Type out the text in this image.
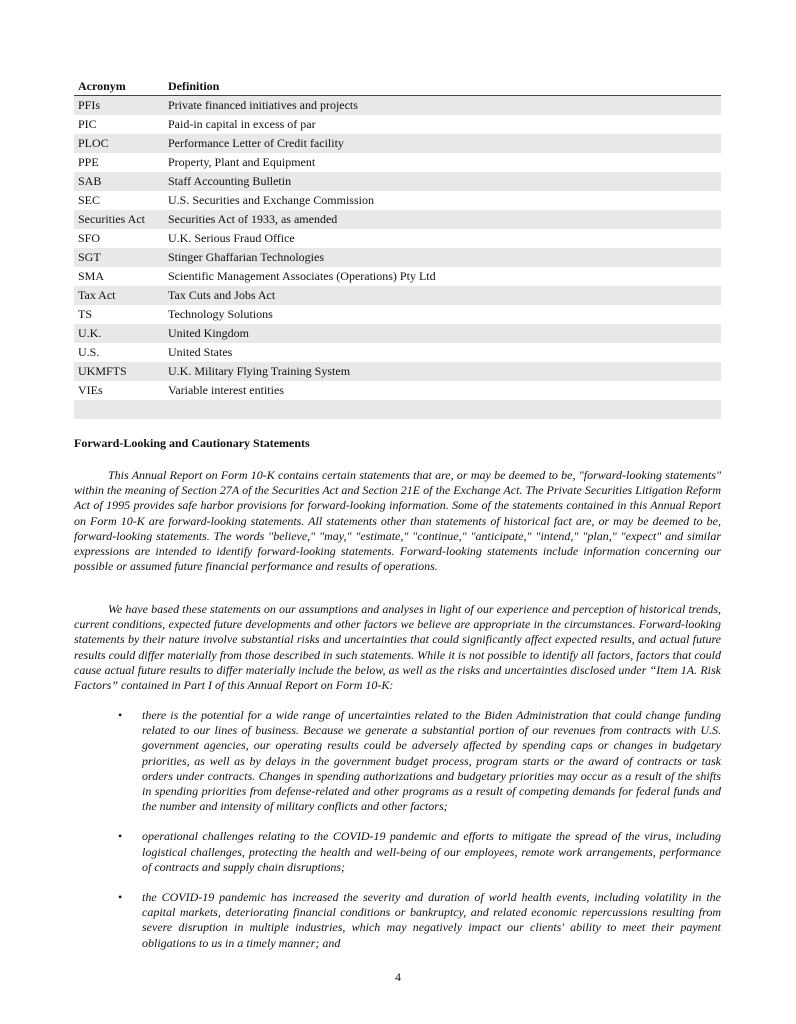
Acronym	Definition
PFIs	Private financed initiatives and projects
PIC	Paid-in capital in excess of par
PLOC	Performance Letter of Credit facility
PPE	Property, Plant and Equipment
SAB	Staff Accounting Bulletin
SEC	U.S. Securities and Exchange Commission
Securities Act	Securities Act of 1933, as amended
SFO	U.K. Serious Fraud Office
SGT	Stinger Ghaffarian Technologies
SMA	Scientific Management Associates (Operations) Pty Ltd
Tax Act	Tax Cuts and Jobs Act
TS	Technology Solutions
U.K.	United Kingdom
U.S.	United States
UKMFTS	U.K. Military Flying Training System
VIEs	Variable interest entities

Forward-Looking and Cautionary Statements

This Annual Report on Form 10-K contains certain statements that are, or may be deemed to be, "forward-looking statements" within the meaning of Section 27A of the Securities Act and Section 21E of the Exchange Act. The Private Securities Litigation Reform Act of 1995 provides safe harbor provisions for forward-looking information. Some of the statements contained in this Annual Report on Form 10-K are forward-looking statements. All statements other than statements of historical fact are, or may be deemed to be, forward-looking statements. The words "believe," "may," "estimate," "continue," "anticipate," "intend," "plan," "expect" and similar expressions are intended to identify forward-looking statements. Forward-looking statements include information concerning our possible or assumed future financial performance and results of operations.

We have based these statements on our assumptions and analyses in light of our experience and perception of historical trends, current conditions, expected future developments and other factors we believe are appropriate in the circumstances. Forward-looking statements by their nature involve substantial risks and uncertainties that could significantly affect expected results, and actual future results could differ materially from those described in such statements. While it is not possible to identify all factors, factors that could cause actual future results to differ materially include the below, as well as the risks and uncertainties disclosed under “Item 1A. Risk Factors” contained in Part I of this Annual Report on Form 10-K:

• there is the potential for a wide range of uncertainties related to the Biden Administration that could change funding related to our lines of business. Because we generate a substantial portion of our revenues from contracts with U.S. government agencies, our operating results could be adversely affected by spending caps or changes in budgetary priorities, as well as by delays in the government budget process, program starts or the award of contracts or task orders under contracts. Changes in spending authorizations and budgetary priorities may occur as a result of the shifts in spending priorities from defense-related and other programs as a result of competing demands for federal funds and the number and intensity of military conflicts and other factors;
• operational challenges relating to the COVID-19 pandemic and efforts to mitigate the spread of the virus, including logistical challenges, protecting the health and well-being of our employees, remote work arrangements, performance of contracts and supply chain disruptions;
• the COVID-19 pandemic has increased the severity and duration of world health events, including volatility in the capital markets, deteriorating financial conditions or bankruptcy, and related economic repercussions resulting from severe disruption in multiple industries, which may negatively impact our clients' ability to meet their payment obligations to us in a timely manner; and
4
